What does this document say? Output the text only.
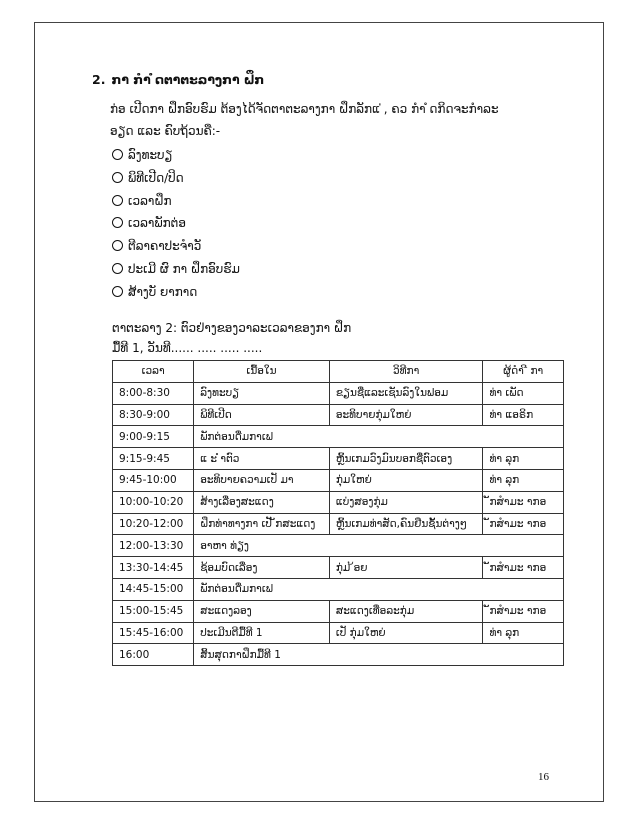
2. ກາ ກຳ ໍດຕາຕະລາງກາ ຝຶກ
ກ່ອ ເປີດກາ ຝຶກອົບຮົມ ຕ້ອງໄດ້ຈັດຕາຕະລາງກາ ຝຶກລັກແ ່, ຄວ ກຳ ໍດກິດຈະກຳລະ
ອຽດ ແລະ ຄົບຖ້ວນຄື:-
ລົງທະບຽ
ພິທີເປີດ/ປິດ
ເວລາຝຶກ
ເວລາພັກຕ່ອ
ຕີລາຄາປະຈຳວັ
ປະເມີ ຜົ ກາ ຝຶກອົບຮົມ
ສ້າງບັ ຍາກາດ
ຕາຕະລາງ 2: ຕົວຢ່າງຂອງວາລະເວລາຂອງກາ ຝຶກ
ມື້ທີ 1, ວັນທີ...... ..... ..... .....
ເວລາ	ເນື້ອໃນ	ວິທີກາ	ຜູ້ດຳ ີ ກາ
8:00-8:30	ລົງທະບຽ	ຂຽນຊື່ແລະເຊັນລົງໃນຟອມ	ທ່າ ເພັດ
8:30-9:00	ພິທີເປີດ	ອະທິບາຍກຸ່ມໃຫຍ່	ທ່າ ແອຣິກ
9:00-9:15	ພັກຕ່ອນດື່ມກາເຟ		
9:15-9:45	ແ ະ ຳຕົວ	ຫຼິ້ນເກມວົງມົນບອກຊື່ຕົວເອງ	ທ່າ ລຸກ
9:45-10:00	ອະທິບາຍຄວາມເປັ ມາ	ກຸ່ມໃຫຍ່	ທ່າ ລຸກ
10:00-10:20	ສ້າງເລື່ອງສະແດງ	ແບ່ງສອງກຸ່ມ	ັກສຳມະ າກອ
10:20-12:00	ຝຶກທ່າທາງກາ ເປັ ັກສະແດງ	ຫຼິ້ນເກມທ່າສັດ,ຄົນຢືນຊັ້ນຕ່າງໆ	ັກສຳມະ າກອ
12:00-13:30	ອາຫາ ທ່ຽງ		
13:30-14:45	ຊ້ອມບົດເລື່ອງ	ກຸ່ມ ້ອຍ	ັກສຳມະ າກອ
14:45-15:00	ພັກຕ່ອນດື່ມກາເຟ		
15:00-15:45	ສະແດງລອງ	ສະແດງເທື່ອລະກຸ່ມ	ັກສຳມະ າກອ
15:45-16:00	ປະເມີນຕີມື້ທີ 1	ເປັ ກຸ່ມໃຫຍ່	ທ່າ ລຸກ
16:00	ສິ້ນສຸດກາຝຶກມື້ທີ 1		
16
